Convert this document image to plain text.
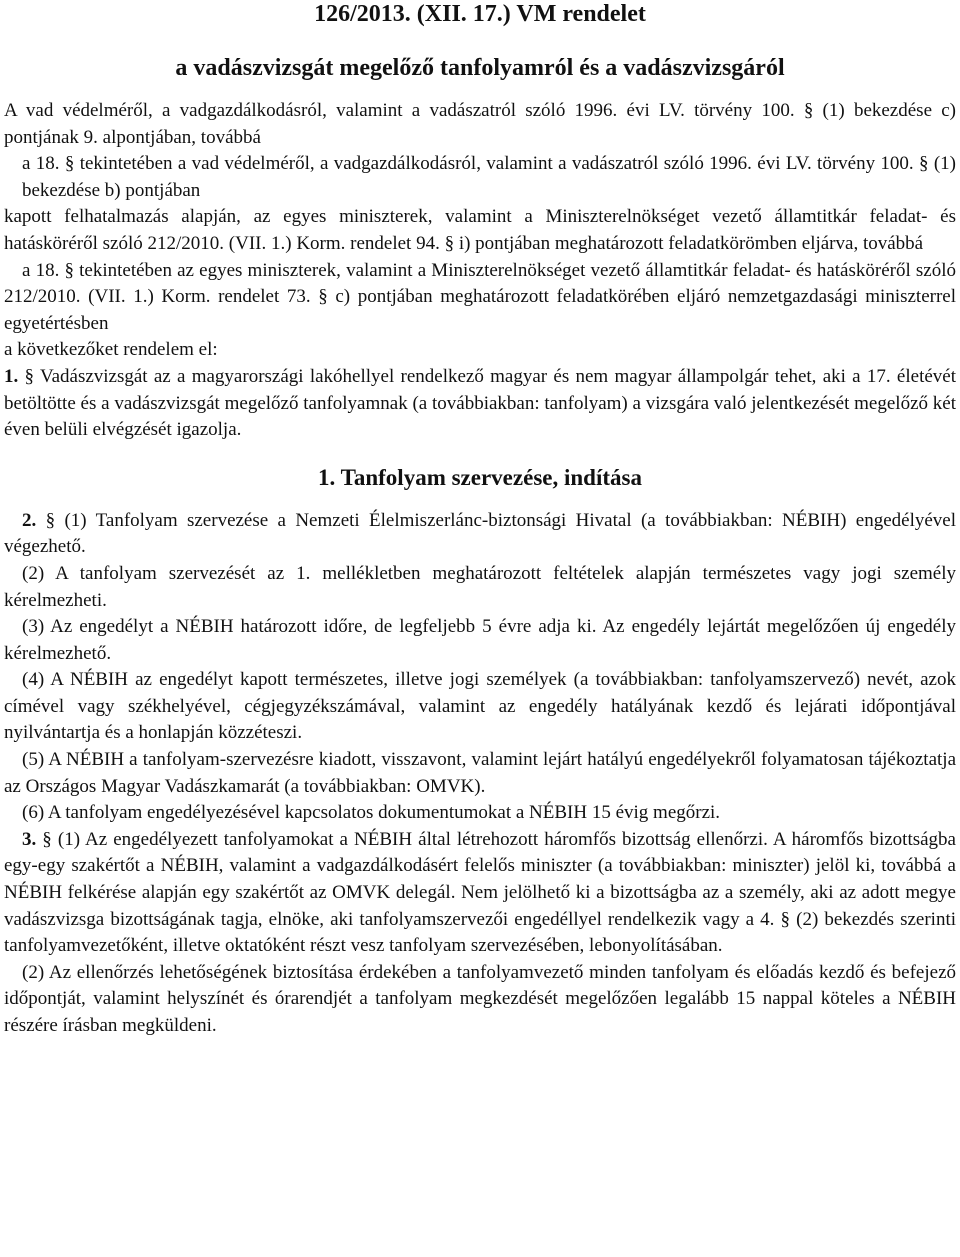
126/2013. (XII. 17.) VM rendelet
a vadászvizsgát megelőző tanfolyamról és a vadászvizsgáról

A vad védelméről, a vadgazdálkodásról, valamint a vadászatról szóló 1996. évi LV. törvény 100. § (1) bekezdése c) pontjának 9. alpontjában, továbbá

a 18. § tekintetében a vad védelméről, a vadgazdálkodásról, valamint a vadászatról szóló 1996. évi LV. törvény 100. § (1) bekezdése b) pontjában

kapott felhatalmazás alapján, az egyes miniszterek, valamint a Miniszterelnökséget vezető államtitkár feladat- és hatásköréről szóló 212/2010. (VII. 1.) Korm. rendelet 94. § i) pontjában meghatározott feladatkörömben eljárva, továbbá

a 18. § tekintetében az egyes miniszterek, valamint a Miniszterelnökséget vezető államtitkár feladat- és hatásköréről szóló 212/2010. (VII. 1.) Korm. rendelet 73. § c) pontjában meghatározott feladatkörében eljáró nemzetgazdasági miniszterrel egyetértésben

a következőket rendelem el:

1. § Vadászvizsgát az a magyarországi lakóhellyel rendelkező magyar és nem magyar állampolgár tehet, aki a 17. életévét betöltötte és a vadászvizsgát megelőző tanfolyamnak (a továbbiakban: tanfolyam) a vizsgára való jelentkezését megelőző két éven belüli elvégzését igazolja.

1. Tanfolyam szervezése, indítása

2. § (1) Tanfolyam szervezése a Nemzeti Élelmiszerlánc-biztonsági Hivatal (a továbbiakban: NÉBIH) engedélyével végezhető.

(2) A tanfolyam szervezését az 1. mellékletben meghatározott feltételek alapján természetes vagy jogi személy kérelmezheti.

(3) Az engedélyt a NÉBIH határozott időre, de legfeljebb 5 évre adja ki. Az engedély lejártát megelőzően új engedély kérelmezhető.

(4) A NÉBIH az engedélyt kapott természetes, illetve jogi személyek (a továbbiakban: tanfolyamszervező) nevét, azok címével vagy székhelyével, cégjegyzékszámával, valamint az engedély hatályának kezdő és lejárati időpontjával nyilvántartja és a honlapján közzéteszi.

(5) A NÉBIH a tanfolyam-szervezésre kiadott, visszavont, valamint lejárt hatályú engedélyekről folyamatosan tájékoztatja az Országos Magyar Vadászkamarát (a továbbiakban: OMVK).

(6) A tanfolyam engedélyezésével kapcsolatos dokumentumokat a NÉBIH 15 évig megőrzi.

3. § (1) Az engedélyezett tanfolyamokat a NÉBIH által létrehozott háromfős bizottság ellenőrzi. A háromfős bizottságba egy-egy szakértőt a NÉBIH, valamint a vadgazdálkodásért felelős miniszter (a továbbiakban: miniszter) jelöl ki, továbbá a NÉBIH felkérése alapján egy szakértőt az OMVK delegál. Nem jelölhető ki a bizottságba az a személy, aki az adott megye vadászvizsga bizottságának tagja, elnöke, aki tanfolyamszervezői engedéllyel rendelkezik vagy a 4. § (2) bekezdés szerinti tanfolyamvezetőként, illetve oktatóként részt vesz tanfolyam szervezésében, lebonyolításában.

(2) Az ellenőrzés lehetőségének biztosítása érdekében a tanfolyamvezető minden tanfolyam és előadás kezdő és befejező időpontját, valamint helyszínét és órarendjét a tanfolyam megkezdését megelőzően legalább 15 nappal köteles a NÉBIH részére írásban megküldeni.
